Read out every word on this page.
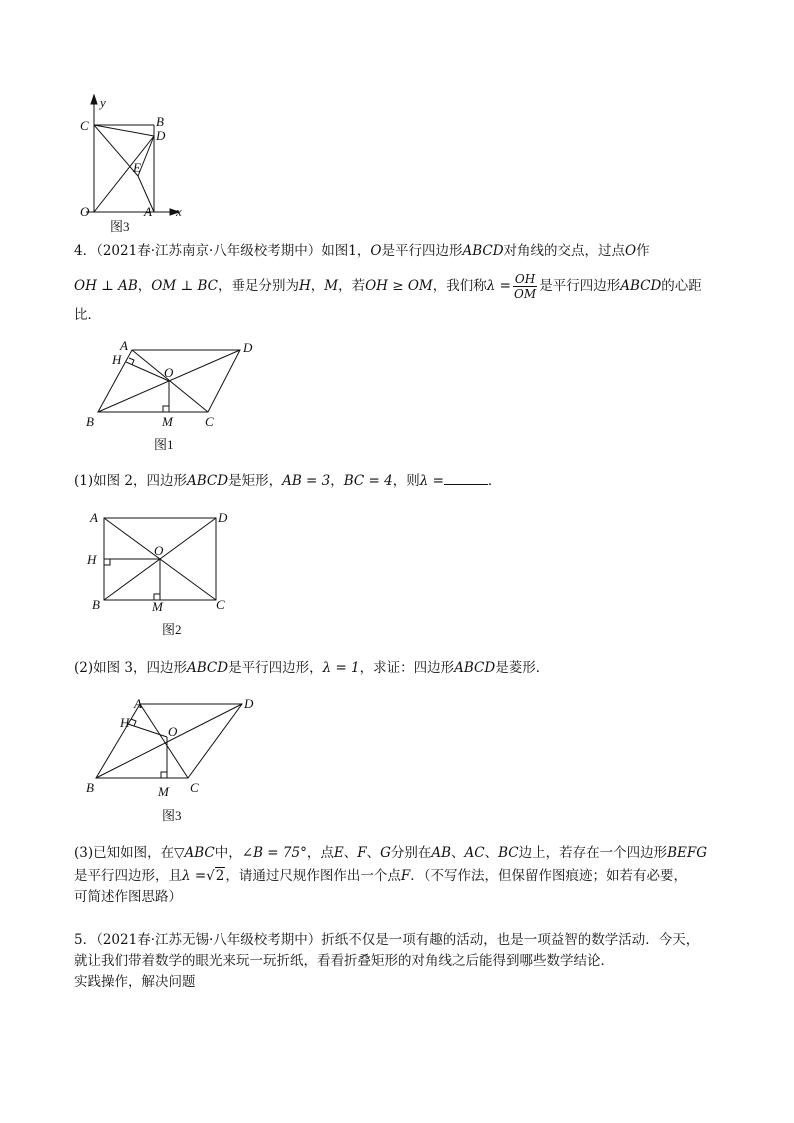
y
C	B
D
E
O	A x
图3
4．（2021春·江苏南京·八年级校考期中）如图1，O是平行四边形ABCD对角线的交点，过点O作
OH ⊥ AB，OM ⊥ BC，垂足分别为H，M，若OH ≥ OM，我们称$\lambda = \frac{OH}{OM}$ 是平行四边形ABCD的心距
比．
A
H
D
O
B	M C
图1
(1)如图 2，四边形ABCD是矩形，AB = 3，BC = 4，则λ =	．
A	D
H
O
B	M	C
图2
(2)如图 3，四边形ABCD是平行四边形，λ = 1，求证：四边形ABCD是菱形．
A
H
D
O
B	M C
图3
(3)已知如图，在▽ABC中，∠B = 75°，点E、F、G分别在AB、AC、BC边上，若存在一个四边形BEFG
是平行四边形，且λ =√2，请通过尺规作图作出一个点F．（不写作法，但保留作图痕迹；如若有必要，
可简述作图思路）
5．（2021春·江苏无锡·八年级校考期中）折纸不仅是一项有趣的活动，也是一项益智的数学活动．今天，
就让我们带着数学的眼光来玩一玩折纸，看看折叠矩形的对角线之后能得到哪些数学结论．
实践操作，解决问题
